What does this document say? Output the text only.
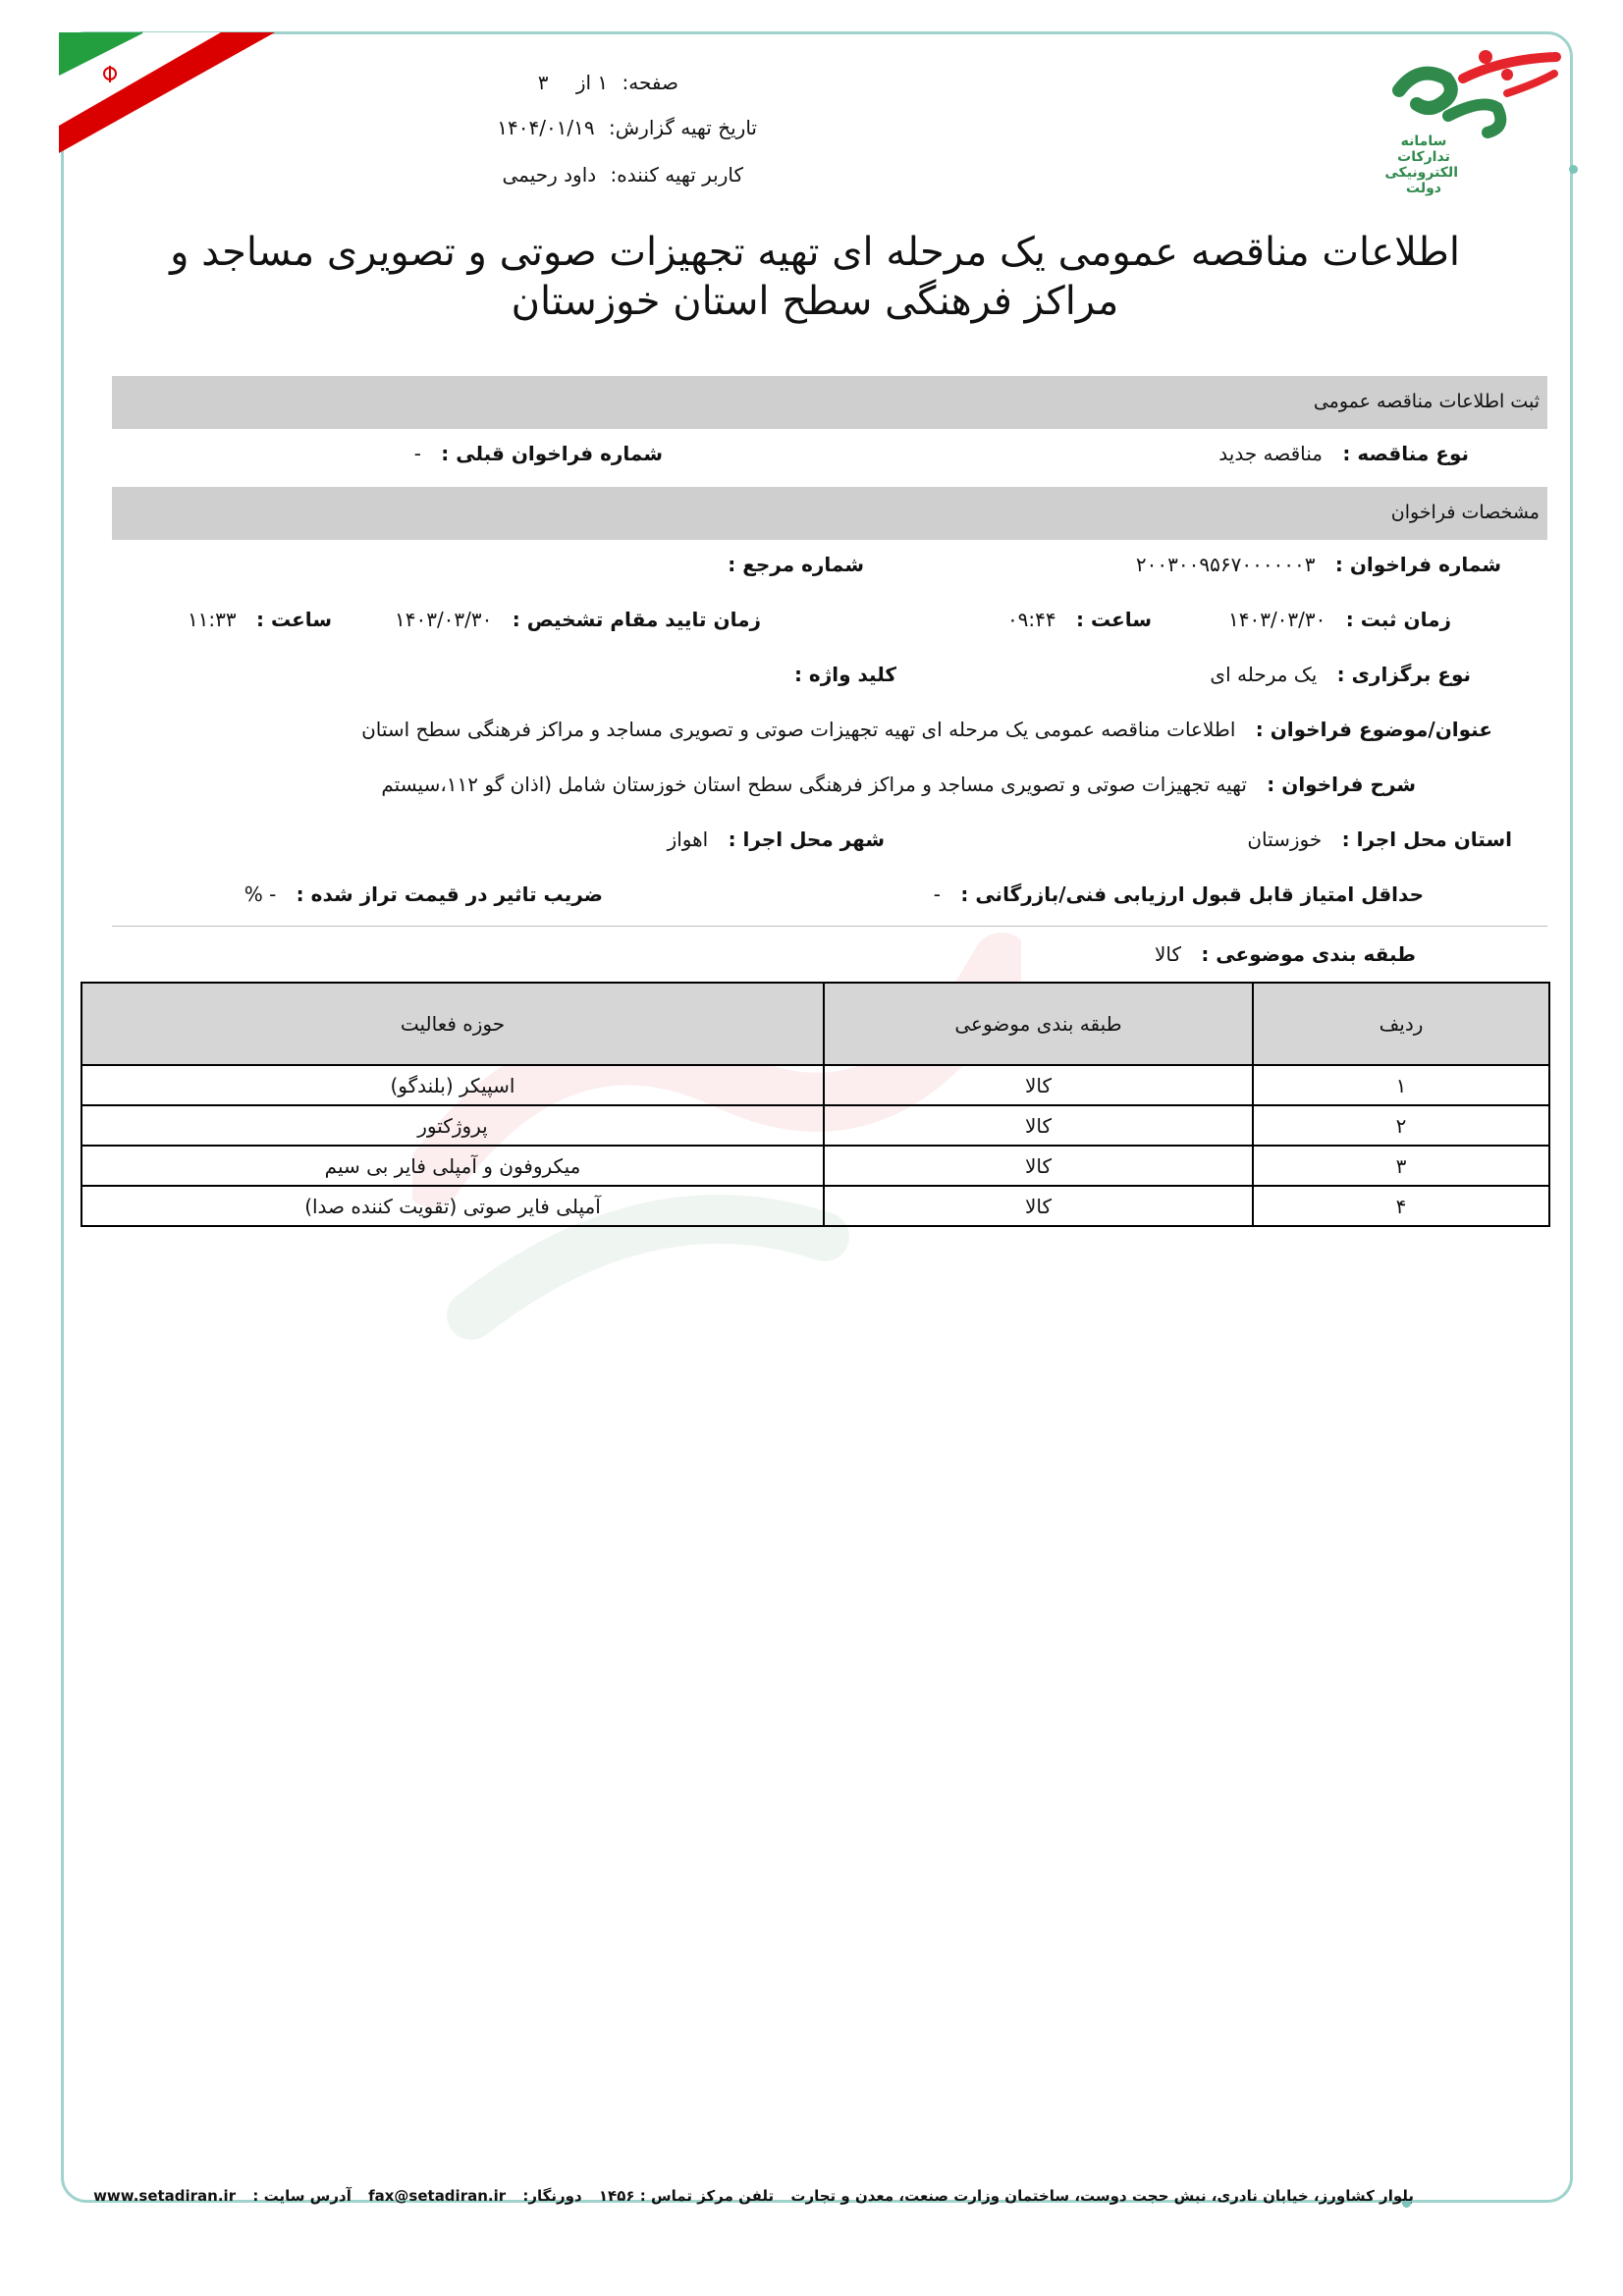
سامانه
تدارکات
الکترونیکی
دولت
صفحه: ۱ از ۳
تاریخ تهیه گزارش: ۱۴۰۴/۰۱/۱۹
کاربر تهیه کننده: داود رحیمی
اطلاعات مناقصه عمومی یک مرحله ای تهیه تجهیزات صوتی و تصویری مساجد و مراکز فرهنگی سطح استان خوزستان
ثبت اطلاعات مناقصه عمومی
نوع مناقصه : مناقصه جدید
شماره فراخوان قبلی : -
مشخصات فراخوان
شماره فراخوان : ۲۰۰۳۰۰۹۵۶۷۰۰۰۰۰۰۳
شماره مرجع :
زمان ثبت : ۱۴۰۳/۰۳/۳۰
ساعت : ۰۹:۴۴
زمان تایید مقام تشخیص : ۱۴۰۳/۰۳/۳۰
ساعت : ۱۱:۳۳
نوع برگزاری : یک مرحله ای
کلید واژه :
عنوان/موضوع فراخوان : اطلاعات مناقصه عمومی یک مرحله ای تهیه تجهیزات صوتی و تصویری مساجد و مراکز فرهنگی سطح استان
شرح فراخوان : تهیه تجهیزات صوتی و تصویری مساجد و مراکز فرهنگی سطح استان خوزستان شامل (اذان گو ۱۱۲،سیستم
استان محل اجرا : خوزستان
شهر محل اجرا : اهواز
حداقل امتیاز قابل قبول ارزیابی فنی/بازرگانی : -
ضریب تاثیر در قیمت تراز شده : - %
طبقه بندی موضوعی : کالا
ردیف	طبقه بندی موضوعی	حوزه فعالیت
۱	کالا	اسپیکر (بلندگو)
۲	کالا	پروژکتور
۳	کالا	میکروفون و آمپلی فایر بی سیم
۴	کالا	آمپلی فایر صوتی (تقویت کننده صدا)
بلوار کشاورز، خیابان نادری، نبش حجت دوست، ساختمان وزارت صنعت، معدن و تجارت تلفن مرکز تماس : ۱۴۵۶ دورنگار: fax@setadiran.ir آدرس سایت : www.setadiran.ir
